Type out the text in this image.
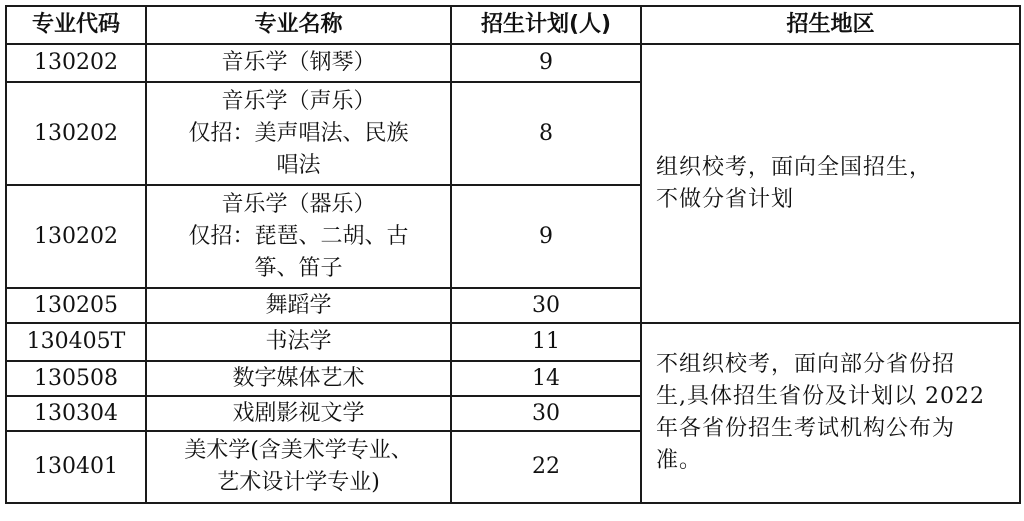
专业代码	专业名称	招生计划(人)	招生地区
130202	音乐学（钢琴）	9	组织校考，面向全国招生，
不做分省计划

130202	音乐学（声乐）
仅招：美声唱法、民族
唱法	8	
130202	音乐学（器乐）
仅招：琵琶、二胡、古
筝、笛子	9	
130205	舞蹈学	30	
130405T	书法学	11	不组织校考，面向部分省份招
生,具体招生省份及计划以 2022
年各省份招生考试机构公布为
准。

130508	数字媒体艺术	14	
130304	戏剧影视文学	30	
130401	美术学(含美术学专业、
艺术设计学专业)	22	
